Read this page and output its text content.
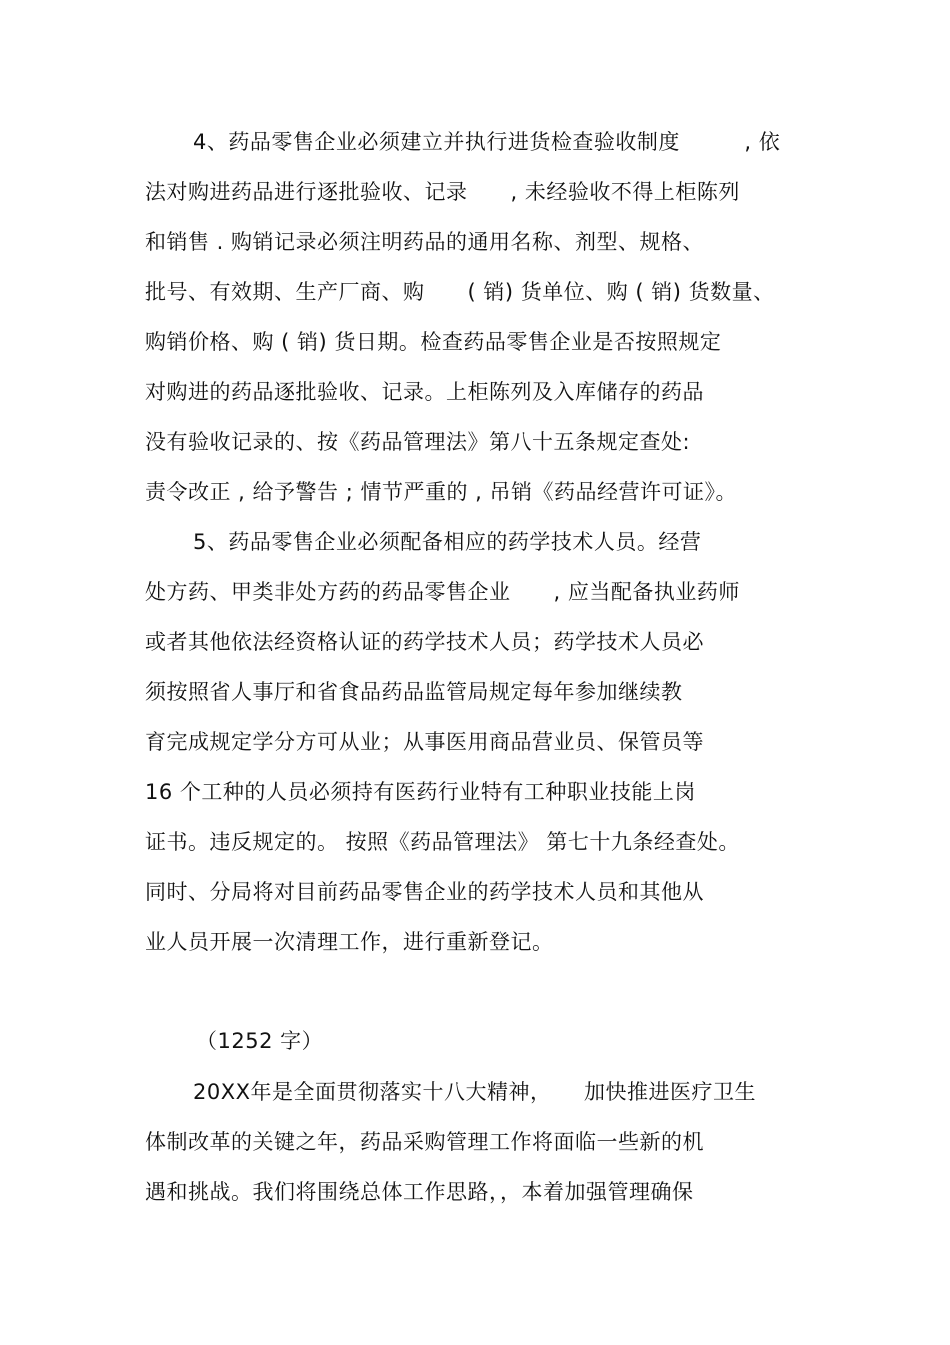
4、药品零售企业必须建立并执行进货检查验收制度　　　, 依
法对购进药品进行逐批验收、记录　　, 未经验收不得上柜陈列
和销售 . 购销记录必须注明药品的通用名称、剂型、规格、
批号、有效期、生产厂商、购　　( 销) 货单位、购 ( 销) 货数量、
购销价格、购 ( 销) 货日期。检查药品零售企业是否按照规定
对购进的药品逐批验收、记录。上柜陈列及入库储存的药品
没有验收记录的、按《药品管理法》第八十五条规定查处:
责令改正 , 给予警告 ; 情节严重的 , 吊销《药品经营许可证》。
5、药品零售企业必须配备相应的药学技术人员。经营
处方药、甲类非处方药的药品零售企业　　, 应当配备执业药师
或者其他依法经资格认证的药学技术人员；药学技术人员必
须按照省人事厅和省食品药品监管局规定每年参加继续教
育完成规定学分方可从业；从事医用商品营业员、保管员等
16 个工种的人员必须持有医药行业特有工种职业技能上岗
证书。违反规定的。 按照《药品管理法》 第七十九条经查处。
同时、分局将对目前药品零售企业的药学技术人员和其他从
业人员开展一次清理工作，进行重新登记。
（1252 字）
20XX年是全面贯彻落实十八大精神，　　加快推进医疗卫生
体制改革的关键之年，药品采购管理工作将面临一些新的机
遇和挑战。我们将围绕总体工作思路，，本着加强管理确保
